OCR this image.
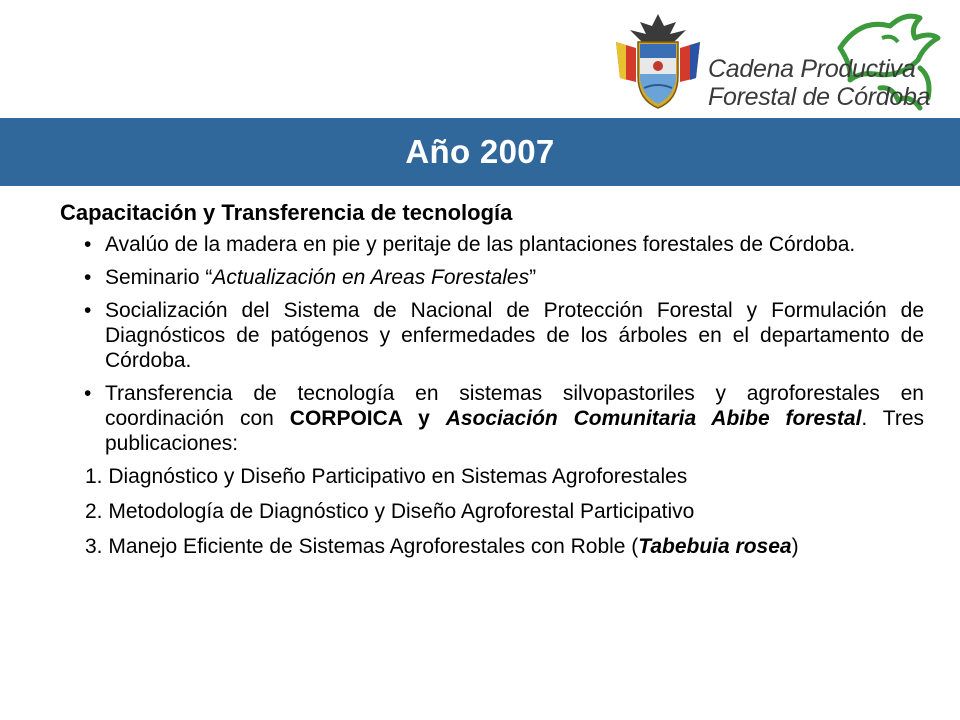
Cadena Productiva
Forestal de Córdoba
Año 2007

Capacitación y Transferencia de tecnología

• Avalúo de la madera en pie y peritaje de las plantaciones forestales de Córdoba.
• Seminario “Actualización en Areas Forestales”
• Socialización del Sistema de Nacional de Protección Forestal y Formulación de Diagnósticos de patógenos y enfermedades de los árboles en el departamento de Córdoba.
• Transferencia de tecnología en sistemas silvopastoriles y agroforestales en coordinación con CORPOICA y Asociación Comunitaria Abibe forestal. Tres publicaciones:
1. Diagnóstico y Diseño Participativo en Sistemas Agroforestales
2. Metodología de Diagnóstico y Diseño Agroforestal Participativo
3. Manejo Eficiente de Sistemas Agroforestales con Roble (Tabebuia rosea)
